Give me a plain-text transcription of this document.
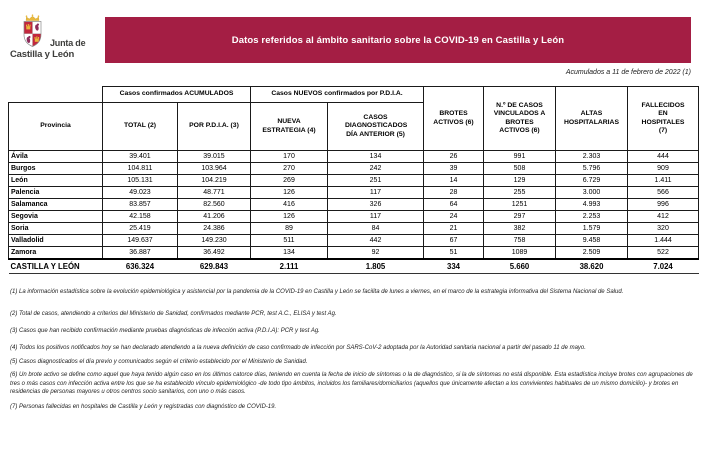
Junta de
Castilla y León
Datos referidos al ámbito sanitario sobre la COVID-19 en Castilla y León
Acumulados a 11 de febrero de 2022 (1)
	Casos confirmados ACUMULADOS		Casos NUEVOS confirmados por P.D.I.A.		BROTES ACTIVOS (6)	N.º DE CASOS VINCULADOS A BROTES ACTIVOS (6)	ALTAS HOSPITALARIAS	FALLECIDOS EN HOSPITALES (7)
Provincia	TOTAL (2)	POR P.D.I.A. (3)	NUEVA ESTRATEGIA (4)	CASOS DIAGNOSTICADOS DÍA ANTERIOR (5)				
Ávila	39.401	39.015	170	134	26	991	2.303	444
Burgos	104.811	103.964	270	242	39	508	5.796	909
León	105.131	104.219	269	251	14	129	6.729	1.411
Palencia	49.023	48.771	126	117	28	255	3.000	566
Salamanca	83.857	82.560	416	326	64	1251	4.993	996
Segovia	42.158	41.206	126	117	24	297	2.253	412
Soria	25.419	24.386	89	84	21	382	1.579	320
Valladolid	149.637	149.230	511	442	67	758	9.458	1.444
Zamora	36.887	36.492	134	92	51	1089	2.509	522
CASTILLA Y LEÓN	636.324	629.843	2.111	1.805	334	5.660	38.620	7.024

(1) La información estadística sobre la evolución epidemiológica y asistencial por la pandemia de la COVID-19 en Castilla y León se facilita de lunes a viernes, en el marco de la estrategia informativa del Sistema Nacional de Salud.

(2) Total de casos, atendiendo a criterios del Ministerio de Sanidad, confirmados mediante PCR, test A.C., ELISA y test Ag.

(3) Casos que han recibido confirmación mediante pruebas diagnósticas de infección activa (P.D.I.A): PCR y test Ag.

(4) Todos los positivos notificados hoy se han declarado atendiendo a la nueva definición de caso confirmado de infección por SARS-CoV-2 adoptada por la Autoridad sanitaria nacional a partir del pasado 11 de mayo.

(5) Casos diagnosticados el día previo y comunicados según el criterio establecido por el Ministerio de Sanidad.

(6) Un brote activo se define como aquel que haya tenido algún caso en los últimos catorce días, teniendo en cuenta la fecha de inicio de síntomas o la de diagnóstico, si la de síntomas no está disponible. Esta estadística incluye brotes con agrupaciones de tres o más casos con infección activa entre los que se ha establecido vínculo epidemiológico -de todo tipo ámbitos, incluidos los familiares/domiciliarios (aquellos que únicamente afectan a los convivientes habituales de un mismo domicilio)- y brotes en residencias de personas mayores u otros centros socio sanitarios, con uno o más casos.

(7) Personas fallecidas en hospitales de Castilla y León y registradas con diagnóstico de COVID-19.
